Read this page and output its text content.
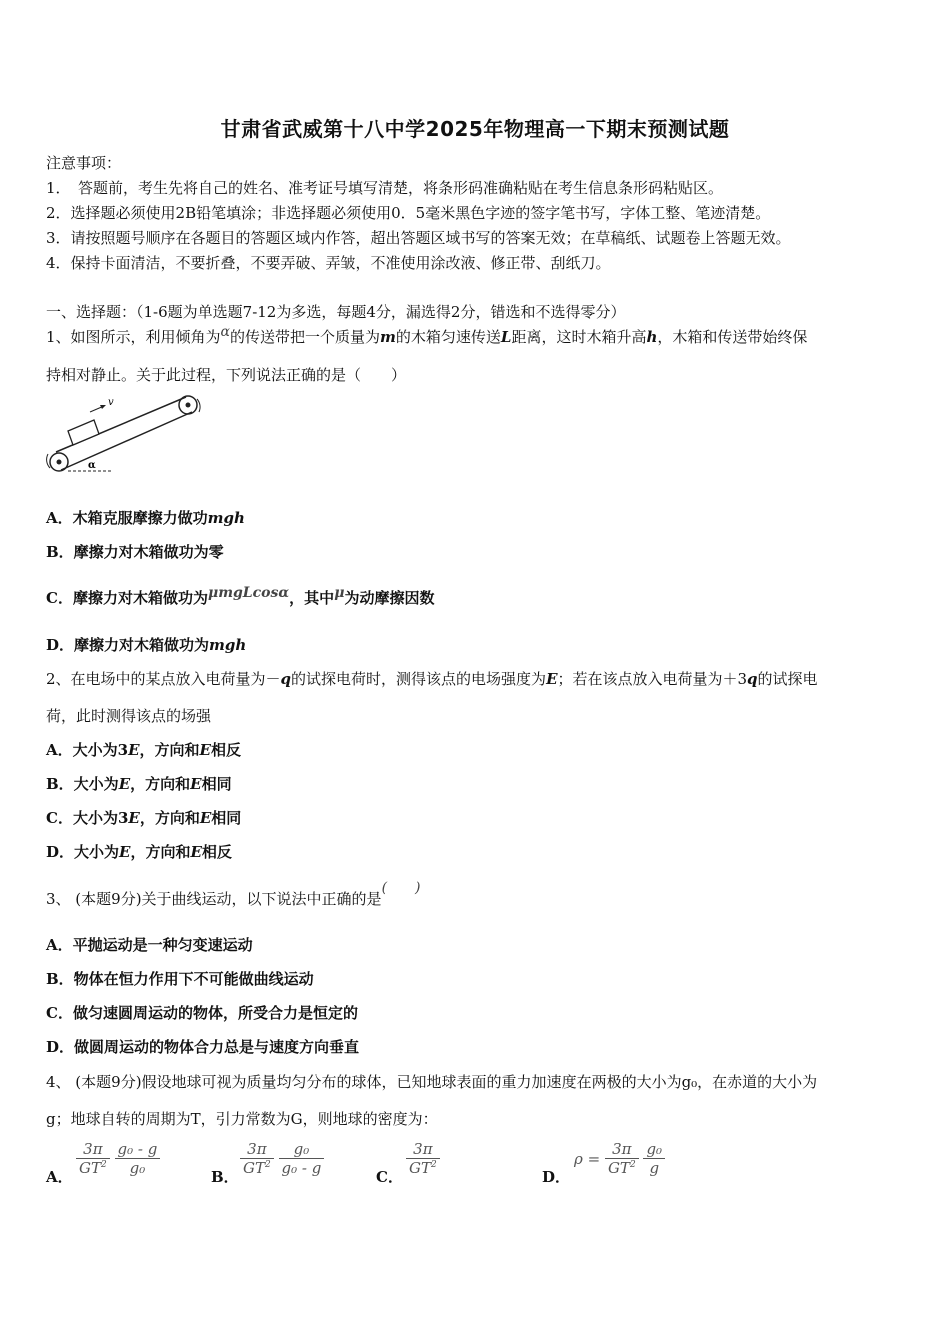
甘肃省武威第十八中学2025年物理高一下期末预测试题
注意事项：
1．　答题前，考生先将自己的姓名、准考证号填写清楚，将条形码准确粘贴在考生信息条形码粘贴区。
2．选择题必须使用2B铅笔填涂；非选择题必须使用0．5毫米黑色字迹的签字笔书写，字体工整、笔迹清楚。
3．请按照题号顺序在各题目的答题区域内作答，超出答题区域书写的答案无效；在草稿纸、试题卷上答题无效。
4．保持卡面清洁，不要折叠，不要弄破、弄皱，不准使用涂改液、修正带、刮纸刀。
一、选择题：（1-6题为单选题7-12为多选，每题4分，漏选得2分，错选和不选得零分）
1、如图所示，利用倾角为α的传送带把一个质量为m的木箱匀速传送L距离，这时木箱升高h，木箱和传送带始终保
持相对静止。关于此过程，下列说法正确的是（　　）
v
α
A．木箱克服摩擦力做功mgh
B．摩擦力对木箱做功为零
C．摩擦力对木箱做功为μmgLcosα，其中μ为动摩擦因数
D．摩擦力对木箱做功为mgh
2、在电场中的某点放入电荷量为－q的试探电荷时，测得该点的电场强度为E；若在该点放入电荷量为＋3q的试探电
荷，此时测得该点的场强
A．大小为3E，方向和E相反
B．大小为E，方向和E相同
C．大小为3E，方向和E相同
D．大小为E，方向和E相反
3、 (本题9分)关于曲线运动，以下说法中正确的是(　　)
A．平抛运动是一种匀变速运动
B．物体在恒力作用下不可能做曲线运动
C．做匀速圆周运动的物体，所受合力是恒定的
D．做圆周运动的物体合力总是与速度方向垂直
4、 (本题9分)假设地球可视为质量均匀分布的球体，已知地球表面的重力加速度在两极的大小为g₀，在赤道的大小为
g；地球自转的周期为T，引力常数为G，则地球的密度为：
A． $\frac{3\pi}{GT^2}$
$\frac{\text{g₀ - g}}{\text{g₀}}$	B． $\frac{3\pi}{GT^2}$
$\frac{\text{g₀}}{\text{g₀ - g}}$	C． $\frac{3\pi}{GT^2}$	D．
$\rho = \frac{3\pi}{GT^2}$
$\frac{\text{g₀}}{g}$
